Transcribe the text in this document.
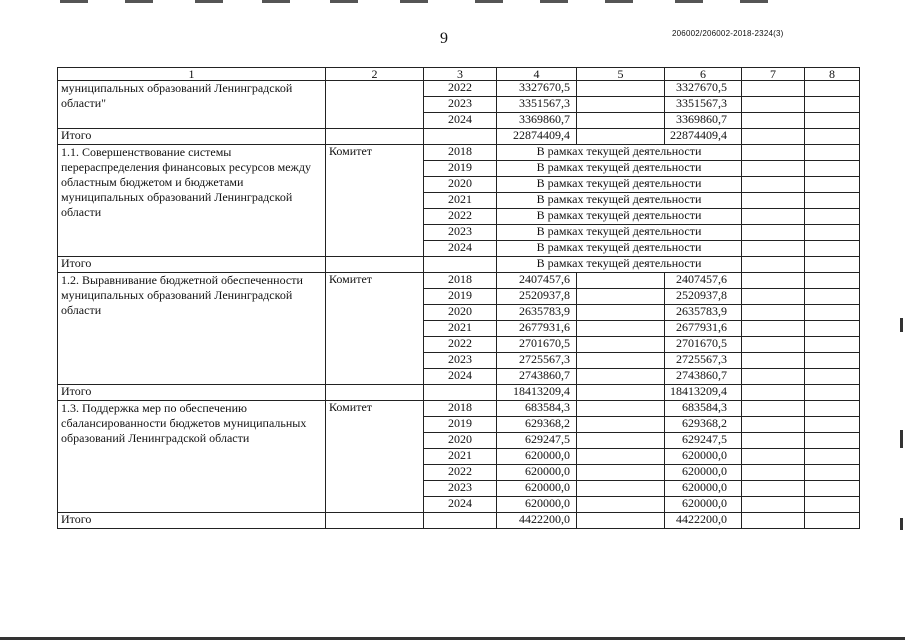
9	206002/206002-2018-2324(3)
1	2	3	4	5	6	7	8
муниципальных образований Ленинградской области"		2022	3327670,5		3327670,5		
		2023	3351567,3		3351567,3		
		2024	3369860,7		3369860,7		
Итого			22874409,4		22874409,4		
1.1. Совершенствование системы перераспределения финансовых ресурсов между областным бюджетом и бюджетами муниципальных образований Ленинградской области	Комитет	2018	В рамках текущей деятельности				
		2019	В рамках текущей деятельности				
		2020	В рамках текущей деятельности				
		2021	В рамках текущей деятельности				
		2022	В рамках текущей деятельности				
		2023	В рамках текущей деятельности				
		2024	В рамках текущей деятельности				
Итого			В рамках текущей деятельности				
1.2. Выравнивание бюджетной обеспеченности муниципальных образований Ленинградской области	Комитет	2018	2407457,6		2407457,6		
		2019	2520937,8		2520937,8		
		2020	2635783,9		2635783,9		
		2021	2677931,6		2677931,6		
		2022	2701670,5		2701670,5		
		2023	2725567,3		2725567,3		
		2024	2743860,7		2743860,7		
Итого			18413209,4		18413209,4		
1.3. Поддержка мер по обеспечению сбалансированности бюджетов муниципальных образований Ленинградской области	Комитет	2018	683584,3		683584,3		
		2019	629368,2		629368,2		
		2020	629247,5		629247,5		
		2021	620000,0		620000,0		
		2022	620000,0		620000,0		
		2023	620000,0		620000,0		
		2024	620000,0		620000,0		
Итого			4422200,0		4422200,0		
